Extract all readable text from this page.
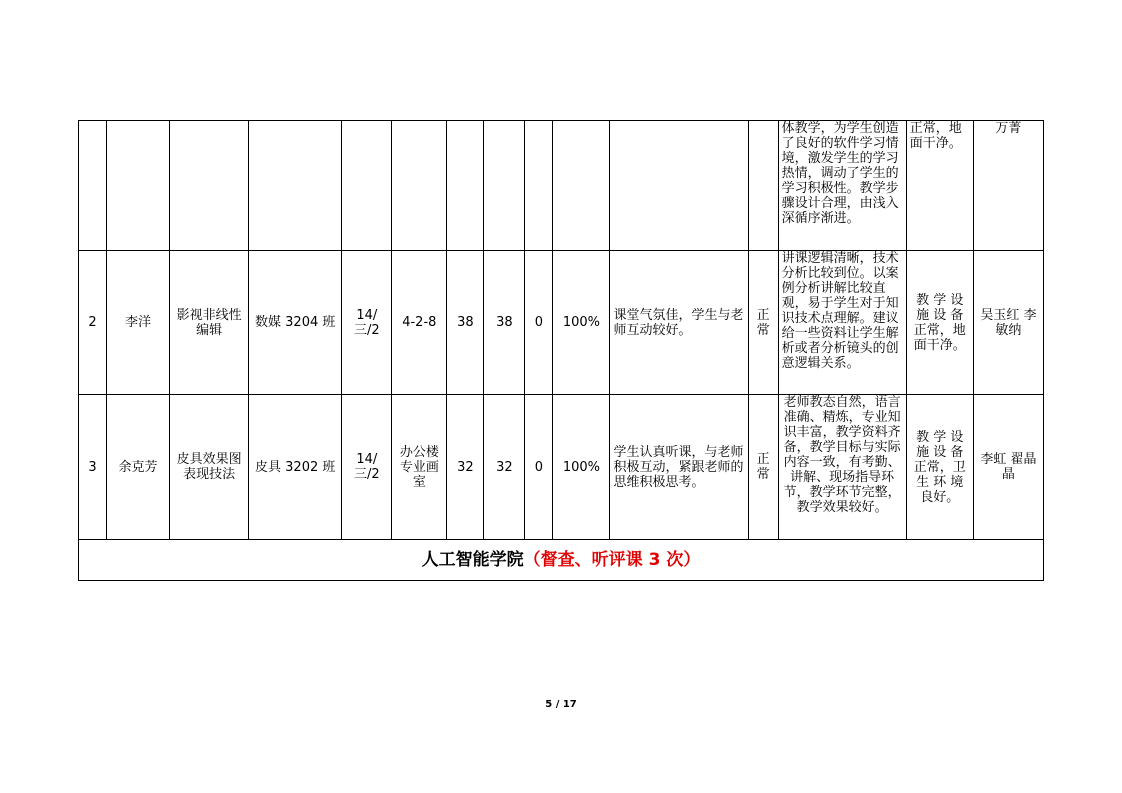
												体教学，为学生创造了良好的软件学习情境，激发学生的学习热情，调动了学生的学习积极性。教学步骤设计合理，由浅入深循序渐进。	正常，地面干净。	万菁
2	李洋	影视非线性编辑	数媒 3204 班	14/三/2	4-2-8	38	38	0	100%	课堂气氛佳，学生与老师互动较好。	正常	讲课逻辑清晰，技术分析比较到位。以案例分析讲解比较直观，易于学生对于知识技术点理解。建议给一些资料让学生解析或者分析镜头的创意逻辑关系。	教 学 设 施 设 备 正常，地面干净。	吴玉红 李敏纳
3	余克芳	皮具效果图表现技法	皮具 3202 班	14/三/2	办公楼专业画室	32	32	0	100%	学生认真听课，与老师积极互动，紧跟老师的思维积极思考。	正常	老师教态自然，语言准确、精炼，专业知识丰富，教学资料齐备，教学目标与实际内容一致，有考勤、讲解、现场指导环节，教学环节完整，教学效果较好。	教 学 设 施 设 备 正常，卫 生 环 境 良好。	李虹 翟晶晶
人工智能学院（督查、听评课 3 次）														
5 / 17
